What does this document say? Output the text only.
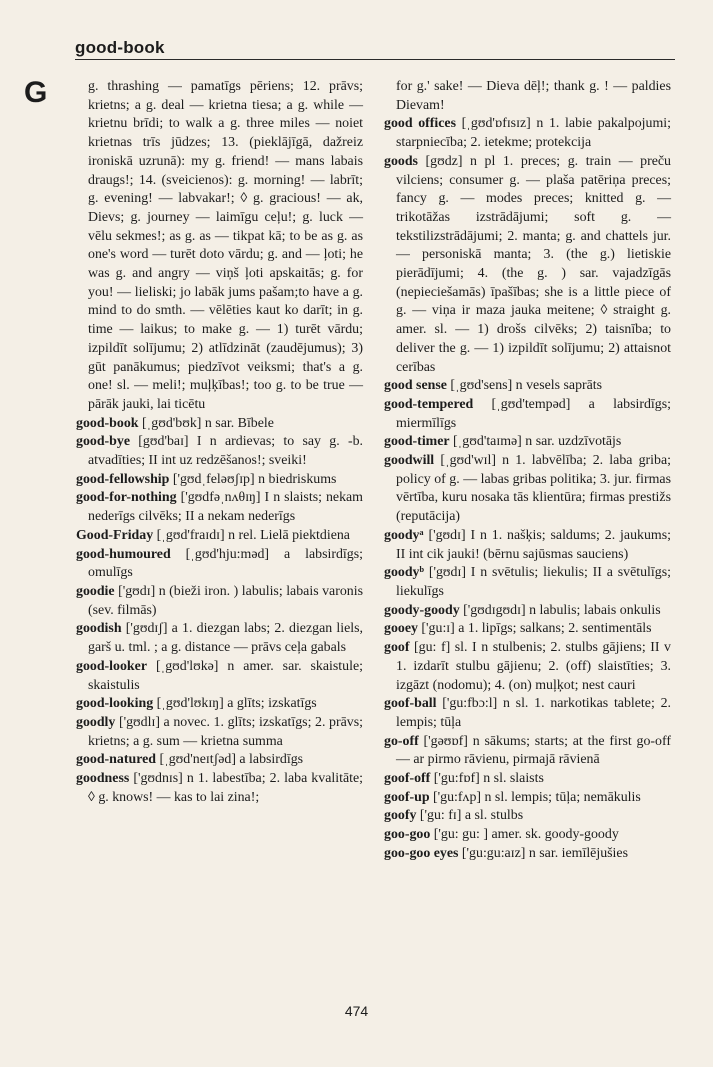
good-book
G	g. thrashing — pamatīgs pēriens; 12. prāvs; krietns; a g. deal — krietna tiesa; a g. while — krietnu brīdi; to walk a g. three miles — noiet krietnas trīs jūdzes; 13. (pieklājīgā, dažreiz ironiskā uzrunā): my g. friend! — mans labais draugs!; 14. (sveicienos): g. morning! — labrīt; g. evening! — labvakar!; ◊ g. gracious! — ak, Dievs; g. journey — laimīgu ceļu!; g. luck — vēlu sekmes!; as g. as — tikpat kā; to be as g. as one's word — turēt doto vārdu; g. and — ļoti; he was g. and angry — viņš ļoti apskaitās; g. for you! — lieliski; jo labāk jums pašam;to have a g. mind to do smth. — vēlēties kaut ko darīt; in g. time — laikus; to make g. — 1) turēt vārdu; izpildīt solījumu; 2) atlīdzināt (zaudējumus); 3) gūt panākumus; piedzīvot veiksmi; that's a g. one! sl. — meli!; muļķības!; too g. to be true — pārāk jauki, lai ticētu

good-book [ˌgʊd'bʊk] n sar. Bībele

good-bye [gʊd'baɪ] I n ardievas; to say g. -b. atvadīties; II int uz redzēšanos!; sveiki!

good-fellowship ['gʊdˌfeləʊʃɪp] n biedriskums

good-for-nothing ['gʊdfəˌnʌθɪŋ] I n slaists; nekam nederīgs cilvēks; II a nekam nederīgs

Good-Friday [ˌgʊd'fraɪdɪ] n rel. Lielā piektdiena

good-humoured [ˌgʊd'hju:məd] a labsirdīgs; omulīgs

goodie ['gʊdɪ] n (bieži iron. ) labulis; labais varonis (sev. filmās)

goodish ['gʊdɪʃ] a 1. diezgan labs; 2. diezgan liels, garš u. tml. ; a g. distance — prāvs ceļa gabals

good-looker [ˌgʊd'lʊkə] n amer. sar. skaistule; skaistulis

good-looking [ˌgʊd'lʊkɪŋ] a glīts; izskatīgs

goodly ['gʊdlɪ] a novec. 1. glīts; izskatīgs; 2. prāvs; krietns; a g. sum — krietna summa

good-natured [ˌgʊd'neɪtʃəd] a labsirdīgs

goodness ['gʊdnɪs] n 1. labestība; 2. laba kvalitāte; ◊ g. knows! — kas to lai zina!;

for g.' sake! — Dieva dēļ!; thank g. ! — paldies Dievam!

good offices [ˌgʊd'ɒfɪsɪz] n 1. labie pakalpojumi; starpniecība; 2. ietekme; protekcija

goods [gʊdz] n pl 1. preces; g. train — preču vilciens; consumer g. — plaša patēriņa preces; fancy g. — modes preces; knitted g. — trikotāžas izstrādājumi; soft g. — tekstilizstrādājumi; 2. manta; g. and chattels jur. — personiskā manta; 3. (the g.) lietiskie pierādījumi; 4. (the g. ) sar. vajadzīgās (nepieciešamās) īpašības; she is a little piece of g. — viņa ir maza jauka meitene; ◊ straight g. amer. sl. — 1) drošs cilvēks; 2) taisnība; to deliver the g. — 1) izpildīt solījumu; 2) attaisnot cerības

good sense [ˌgʊd'sens] n vesels saprāts

good-tempered [ˌgʊd'tempəd] a labsirdīgs; miermīlīgs

good-timer [ˌgʊd'taɪmə] n sar. uzdzīvotājs

goodwill [ˌgʊd'wɪl] n 1. labvēlība; 2. laba griba; policy of g. — labas gribas politika; 3. jur. firmas vērtība, kuru nosaka tās klientūra; firmas prestižs (reputācija)

goodyᵃ ['gʊdɪ] I n 1. našķis; saldums; 2. jaukums; II int cik jauki! (bērnu sajūsmas sauciens)

goodyᵇ ['gʊdɪ] I n svētulis; liekulis; II a svētulīgs; liekulīgs

goody-goody ['gʊdɪgʊdɪ] n labulis; labais onkulis

gooey ['gu:ɪ] a 1. lipīgs; salkans; 2. sentimentāls

goof [gu: f] sl. I n stulbenis; 2. stulbs gājiens; II v 1. izdarīt stulbu gājienu; 2. (off) slaistīties; 3. izgāzt (nodomu); 4. (on) muļķot; nest cauri

goof-ball ['gu:fbɔ:l] n sl. 1. narkotikas tablete; 2. lempis; tūļa

go-off ['gəʊɒf] n sākums; starts; at the first go-off — ar pirmo rāvienu, pirmajā rāvienā

goof-off ['gu:fɒf] n sl. slaists

goof-up ['gu:fʌp] n sl. lempis; tūļa; nemākulis

goofy ['gu: fɪ] a sl. stulbs

goo-goo ['gu: gu: ] amer. sk. goody-goody

goo-goo eyes ['gu:gu:aɪz] n sar. iemīlējušies

474
